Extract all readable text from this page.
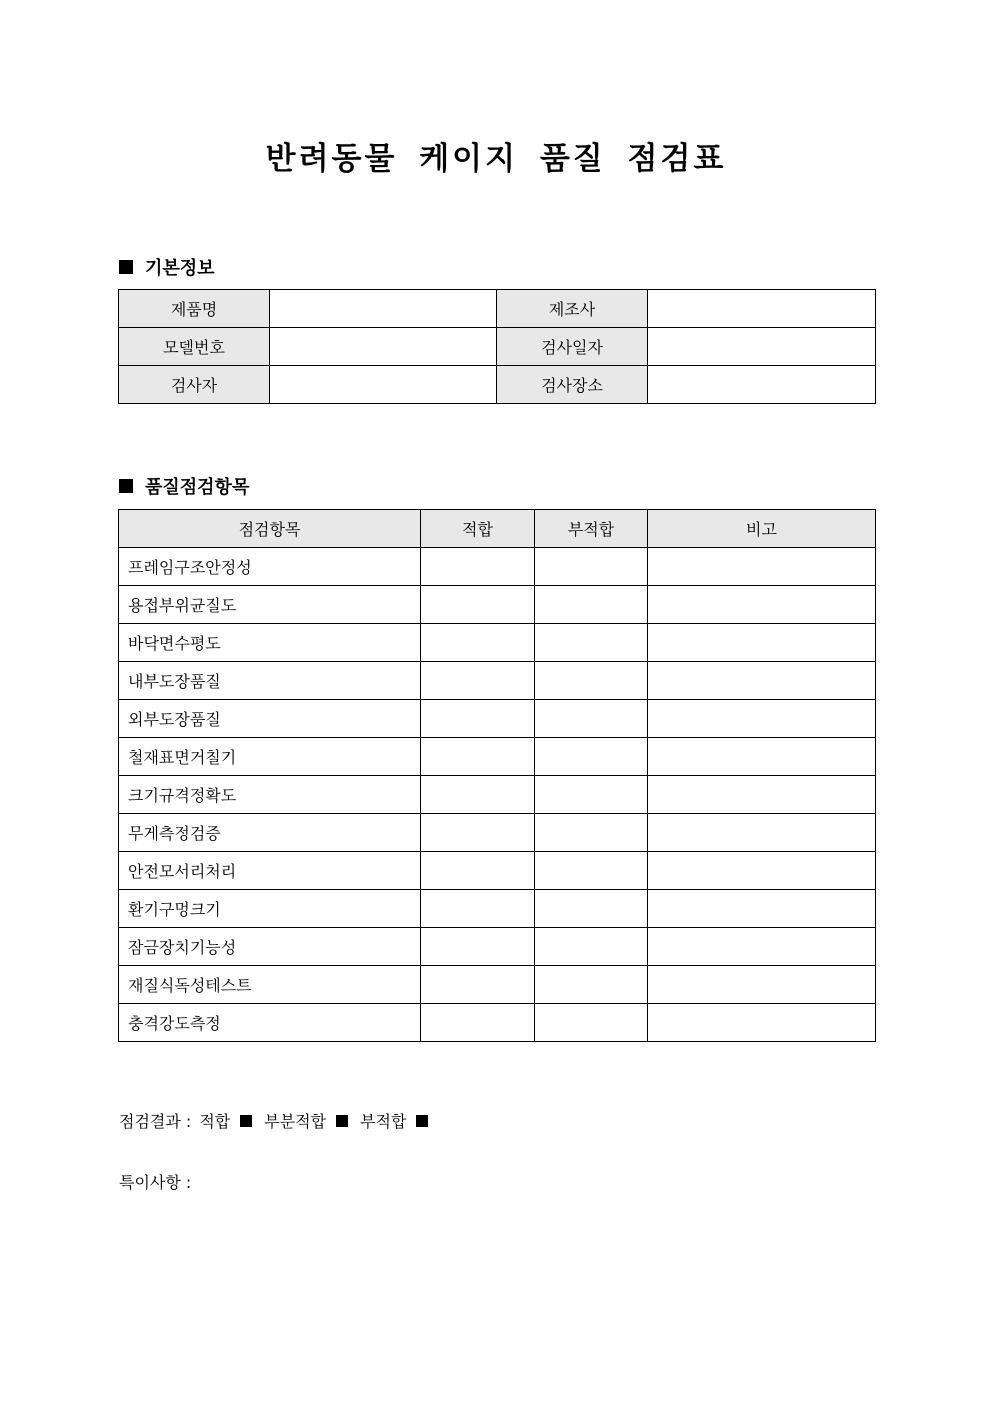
반려동물 케이지 품질 점검표
기본정보
제품명		제조사	
모델번호		검사일자	
검사자		검사장소	
품질점검항목
점검항목	적합	부적합	비고
프레임구조안정성			
용접부위균질도			
바닥면수평도			
내부도장품질			
외부도장품질			
철재표면거칠기			
크기규격정확도			
무게측정검증			
안전모서리처리			
환기구멍크기			
잠금장치기능성			
재질식독성테스트			
충격강도측정			
점검결과 : 적합 부분적합 부적합
특이사항 :
